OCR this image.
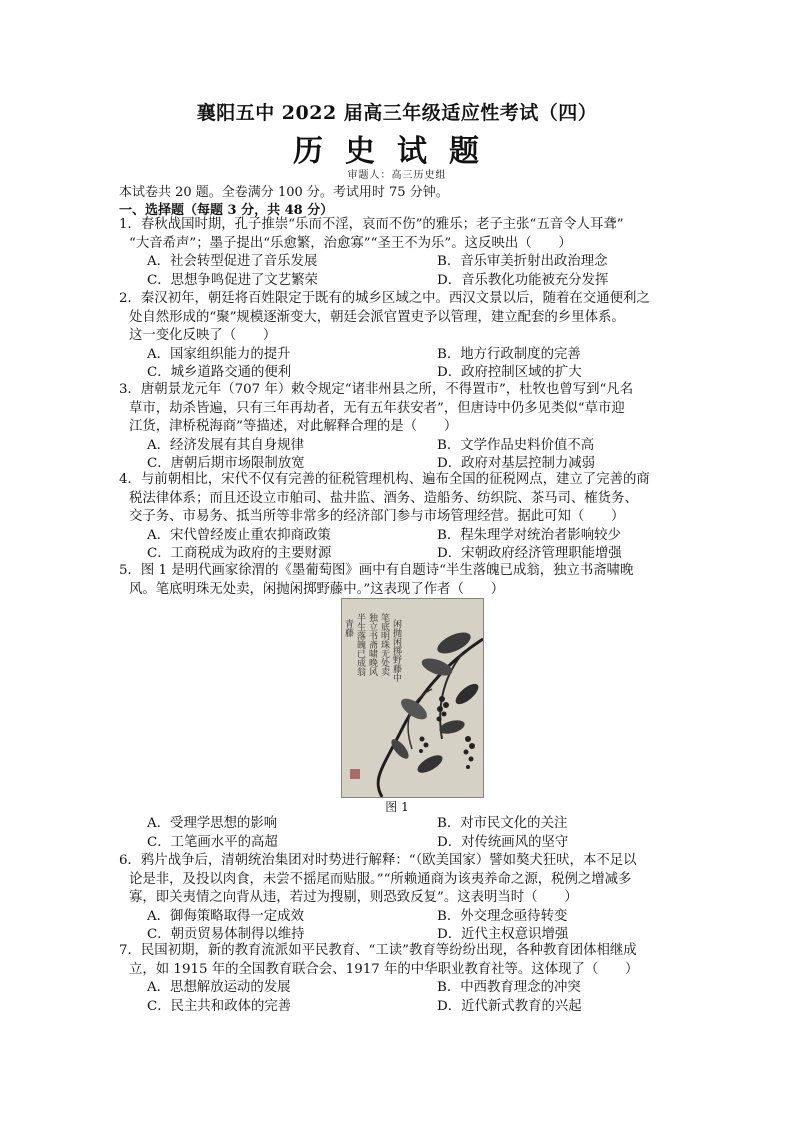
襄阳五中 2022 届高三年级适应性考试（四）
历史试题
审题人：高三历史组
本试卷共 20 题。全卷满分 100 分。考试用时 75 分钟。
一、选择题（每题 3 分，共 48 分）
1．春秋战国时期，孔子推崇“乐而不淫，哀而不伤”的雅乐；老子主张“五音令人耳聋”
“大音希声”；墨子提出“乐愈繁，治愈寡”“圣王不为乐”。这反映出（　　）
A．社会转型促进了音乐发展	B．音乐审美折射出政治理念
C．思想争鸣促进了文艺繁荣	D．音乐教化功能被充分发挥
2．秦汉初年，朝廷将百姓限定于既有的城乡区域之中。西汉文景以后，随着在交通便利之
处自然形成的“聚”规模逐渐变大，朝廷会派官置吏予以管理，建立配套的乡里体系。
这一变化反映了（　　）
A．国家组织能力的提升	B．地方行政制度的完善
C．城乡道路交通的便利	D．政府控制区域的扩大
3．唐朝景龙元年（707 年）敕令规定“诸非州县之所，不得置市”，杜牧也曾写到“凡名
草市，劫杀皆遍，只有三年再劫者，无有五年获安者”，但唐诗中仍多见类似“草市迎
江货，津桥税海商”等描述，对此解释合理的是（　　）
A．经济发展有其自身规律	B．文学作品史料价值不高
C．唐朝后期市场限制放宽	D．政府对基层控制力减弱
4．与前朝相比，宋代不仅有完善的征税管理机构、遍布全国的征税网点，建立了完善的商
税法律体系；而且还设立市舶司、盐井监、酒务、造船务、纺织院、茶马司、榷货务、
交子务、市易务、抵当所等非常多的经济部门参与市场管理经营。据此可知（　　）
A．宋代曾经废止重农抑商政策	B．程朱理学对统治者影响较少
C．工商税成为政府的主要财源	D．宋朝政府经济管理职能增强
5．图 1 是明代画家徐渭的《墨葡萄图》画中有自题诗“半生落魄已成翁，独立书斋啸晚
风。笔底明珠无处卖，闲抛闲掷野藤中。”这表现了作者（　　）
半生落魄已成翁 独立书斋啸晚风 笔底明珠无处卖 闲抛闲掷野藤中
青藤
图 1
A．受理学思想的影响	B．对市民文化的关注
C．工笔画水平的高超	D．对传统画风的坚守
6．鸦片战争后，清朝统治集团对时势进行解释：“（欧美国家）譬如獒犬狂吠，本不足以
论是非，及投以肉食，未尝不摇尾而贴服。”“所赖通商为该夷养命之源，税例之增减多
寡，即关夷情之向背从违，若过为搜剔，则恐致反复”。这表明当时（　　）
A．御侮策略取得一定成效	B．外交理念亟待转变
C．朝贡贸易体制得以维持	D．近代主权意识增强
7．民国初期，新的教育流派如平民教育、“工读”教育等纷纷出现，各种教育团体相继成
立，如 1915 年的全国教育联合会、1917 年的中华职业教育社等。这体现了（　　）
A．思想解放运动的发展	B．中西教育理念的冲突
C．民主共和政体的完善	D．近代新式教育的兴起
